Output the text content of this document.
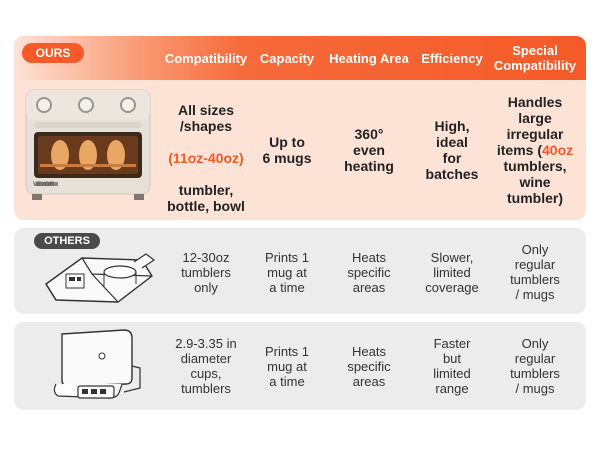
OURS
OTHERS
Compatibility Capacity	Heating Area Efficiency	Special
Compatibility
VEVOR

All sizes
/shapes

(11oz-40oz)

tumbler,
bottle, bowl

Up to
6 mugs
360°
even
heating
High,
ideal
for
batches
Handles
large
irregular
items (40oz
tumblers,
wine
tumbler)
12-30oz
tumblers
only
Prints 1
mug at
a time
Heats
specific
areas
Slower,
limited
coverage
Only
regular
tumblers
/ mugs
2.9-3.35 in
diameter
cups,
tumblers
Prints 1
mug at
a time
Heats
specific
areas
Faster
but
limited
range
Only
regular
tumblers
/ mugs
